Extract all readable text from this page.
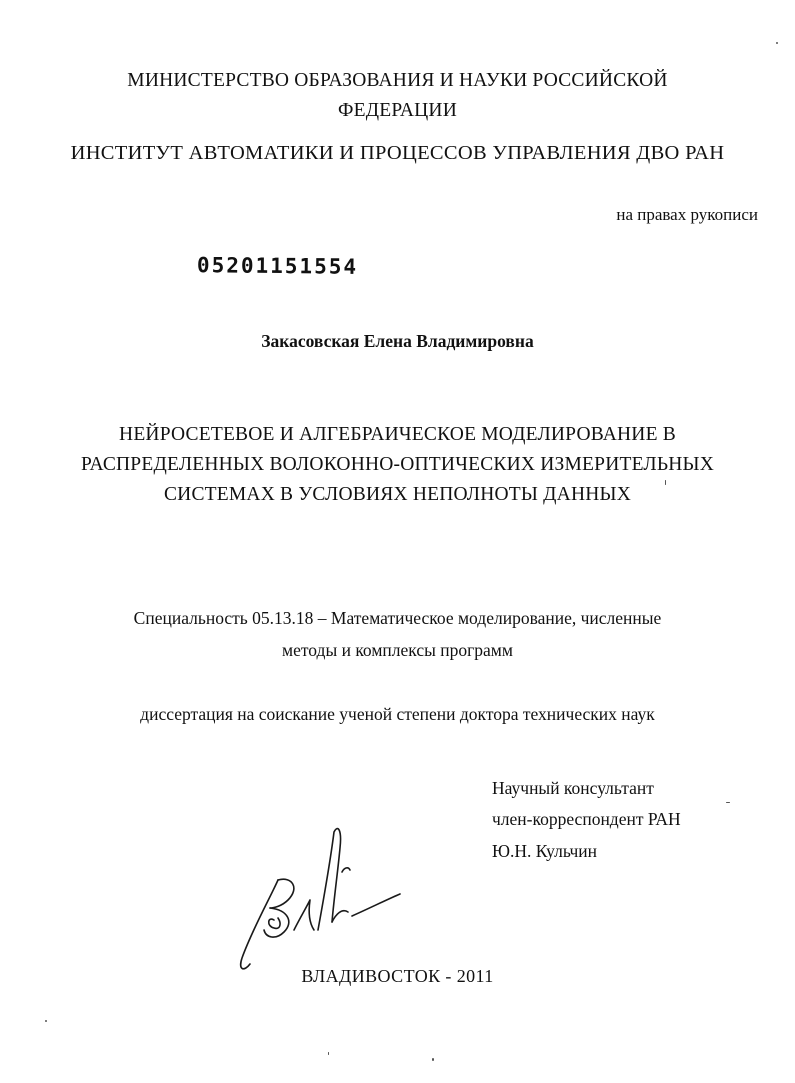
МИНИСТЕРСТВО ОБРАЗОВАНИЯ И НАУКИ РОССИЙСКОЙ
ФЕДЕРАЦИИ
ИНСТИТУТ АВТОМАТИКИ И ПРОЦЕССОВ УПРАВЛЕНИЯ ДВО РАН
на правах рукописи
05201151554
Закасовская Елена Владимировна
НЕЙРОСЕТЕВОЕ И АЛГЕБРАИЧЕСКОЕ МОДЕЛИРОВАНИЕ В
РАСПРЕДЕЛЕННЫХ ВОЛОКОННО-ОПТИЧЕСКИХ ИЗМЕРИТЕЛЬНЫХ
СИСТЕМАХ В УСЛОВИЯХ НЕПОЛНОТЫ ДАННЫХ
Специальность 05.13.18 – Математическое моделирование, численные
методы и комплексы программ
диссертация на соискание ученой степени доктора технических наук
Научный консультант
член-корреспондент РАН
Ю.Н. Кульчин
ВЛАДИВОСТОК - 2011
